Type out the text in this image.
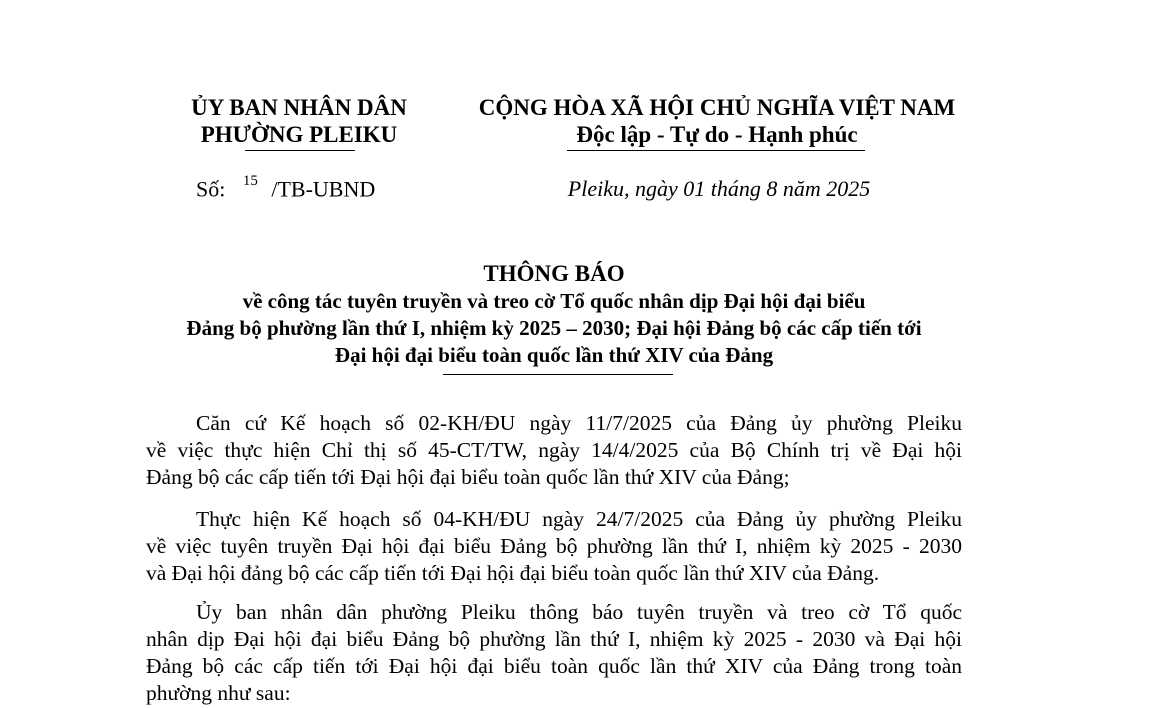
ỦY BAN NHÂN DÂN
PHƯỜNG PLEIKU
Số: $^{15}$ /TB-UBND
CỘNG HÒA XÃ HỘI CHỦ NGHĨA VIỆT NAM
Độc lập - Tự do - Hạnh phúc
Pleiku, ngày 01 tháng 8 năm 2025
THÔNG BÁO
về công tác tuyên truyền và treo cờ Tổ quốc nhân dịp Đại hội đại biểu
Đảng bộ phường lần thứ I, nhiệm kỳ 2025 – 2030; Đại hội Đảng bộ các cấp tiến tới
Đại hội đại biểu toàn quốc lần thứ XIV của Đảng
Căn cứ Kế hoạch số 02-KH/ĐU ngày 11/7/2025 của Đảng ủy phường Pleiku
về việc thực hiện Chỉ thị số 45-CT/TW, ngày 14/4/2025 của Bộ Chính trị về Đại hội
Đảng bộ các cấp tiến tới Đại hội đại biểu toàn quốc lần thứ XIV của Đảng;
Thực hiện Kế hoạch số 04-KH/ĐU ngày 24/7/2025 của Đảng ủy phường Pleiku
về việc tuyên truyền Đại hội đại biểu Đảng bộ phường lần thứ I, nhiệm kỳ 2025 - 2030
và Đại hội đảng bộ các cấp tiến tới Đại hội đại biểu toàn quốc lần thứ XIV của Đảng.
Ủy ban nhân dân phường Pleiku thông báo tuyên truyền và treo cờ Tổ quốc
nhân dịp Đại hội đại biểu Đảng bộ phường lần thứ I, nhiệm kỳ 2025 - 2030 và Đại hội
Đảng bộ các cấp tiến tới Đại hội đại biểu toàn quốc lần thứ XIV của Đảng trong toàn
phường như sau:
